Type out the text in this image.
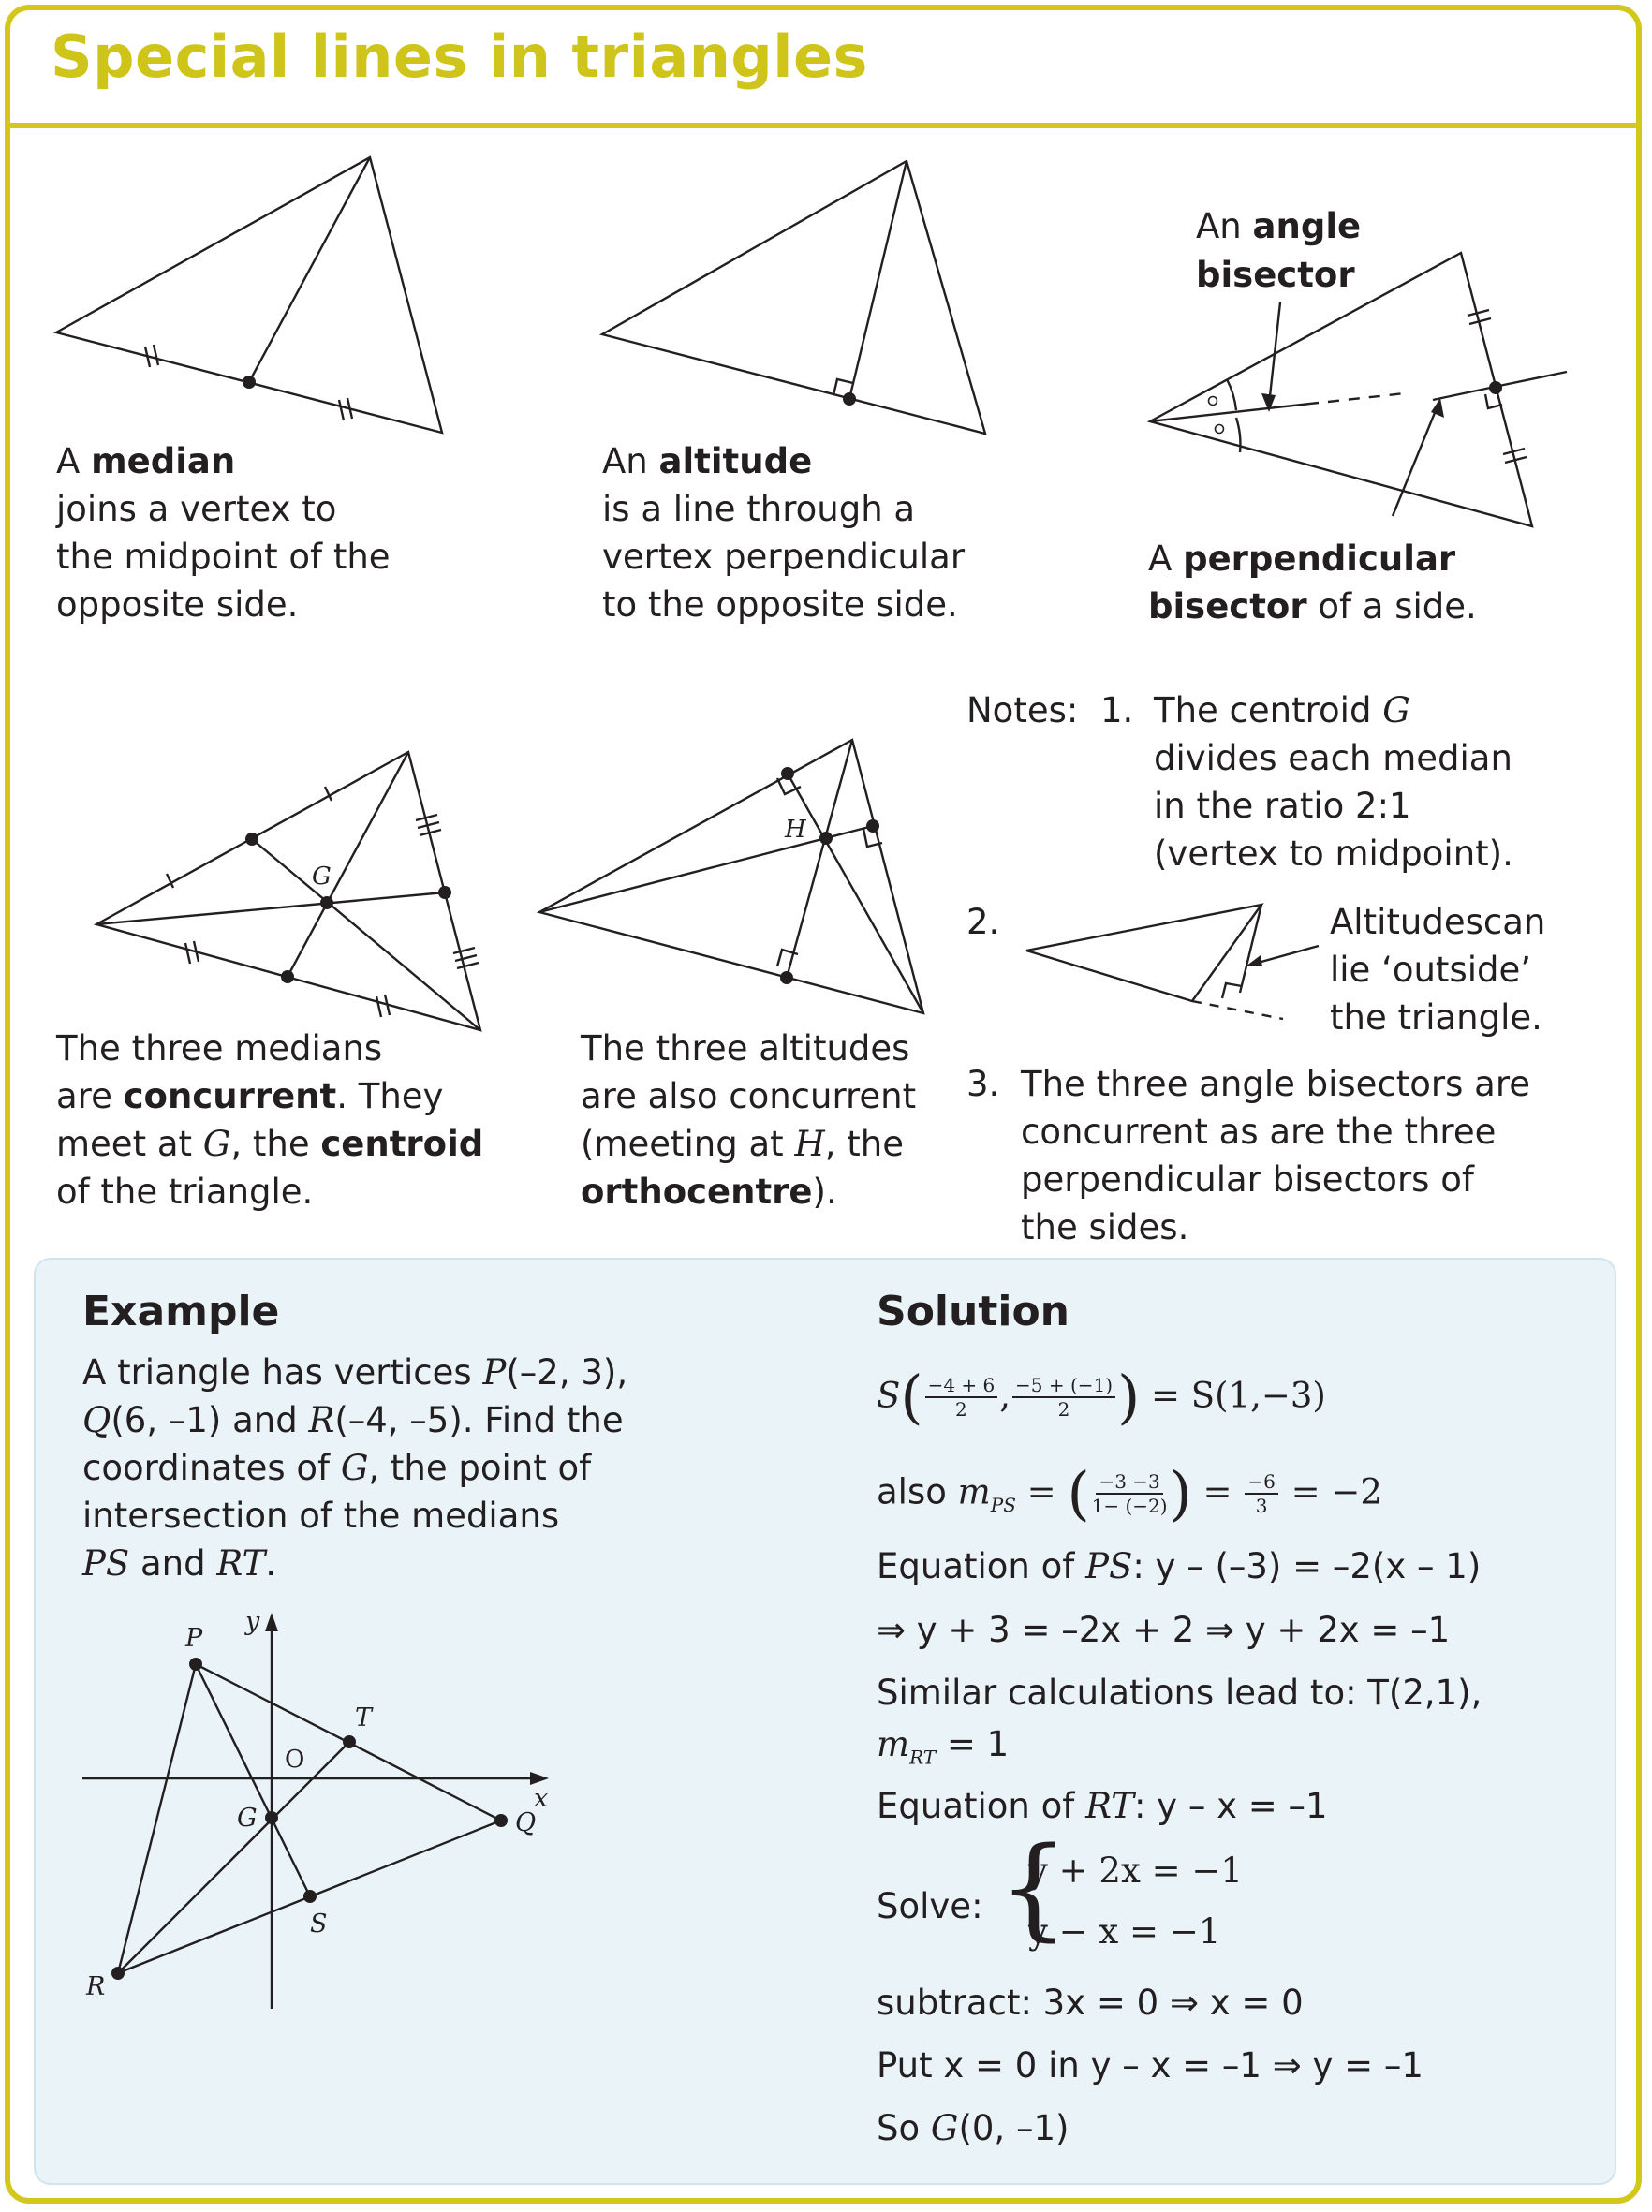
Special lines in triangles
A median
joins a vertex to
the midpoint of the
opposite side.
An altitude
is a line through a
vertex perpendicular
to the opposite side.
An angle
bisector
A perpendicular
bisector of a side.
G
The three medians
are concurrent. They
meet at G, the centroid
of the triangle.
H
The three altitudes
are also concurrent
(meeting at H, the
orthocentre).
Notes: 1. The centroid G
divides each median
in the ratio 2:1
(vertex to midpoint).
2.	Altitudescan
lie ‘outside’
the triangle.
3. The three angle bisectors are
concurrent as are the three
perpendicular bisectors of
the sides.
Example
A triangle has vertices P(–2, 3),
Q(6, –1) and R(–4, –5). Find the
coordinates of G, the point of
intersection of the medians
PS and RT.
P
y
T
x
Q
G
S
R
O
Solution
$S( \frac{-4 + 6}{2}$ , $\frac{-5 + (-1)}{2}$ ) = S(1,−3)
also $m_{PS}$ = ( $\frac{-3 -3}{1- (-2)}$ ) = $\frac{-6}{3} = -2$
Equation of PS: y – (–3) = –2(x – 1)
⇒ y + 3 = –2x + 2 ⇒ y + 2x = –1
Similar calculations lead to: T(2,1),
$m_{RT} = 1$
Equation of RT: y – x = –1
Solve: {
y + 2x = −1
y − x = −1
subtract: 3x = 0 ⇒ x = 0
Put x = 0 in y – x = –1 ⇒ y = –1
So G(0, –1)
